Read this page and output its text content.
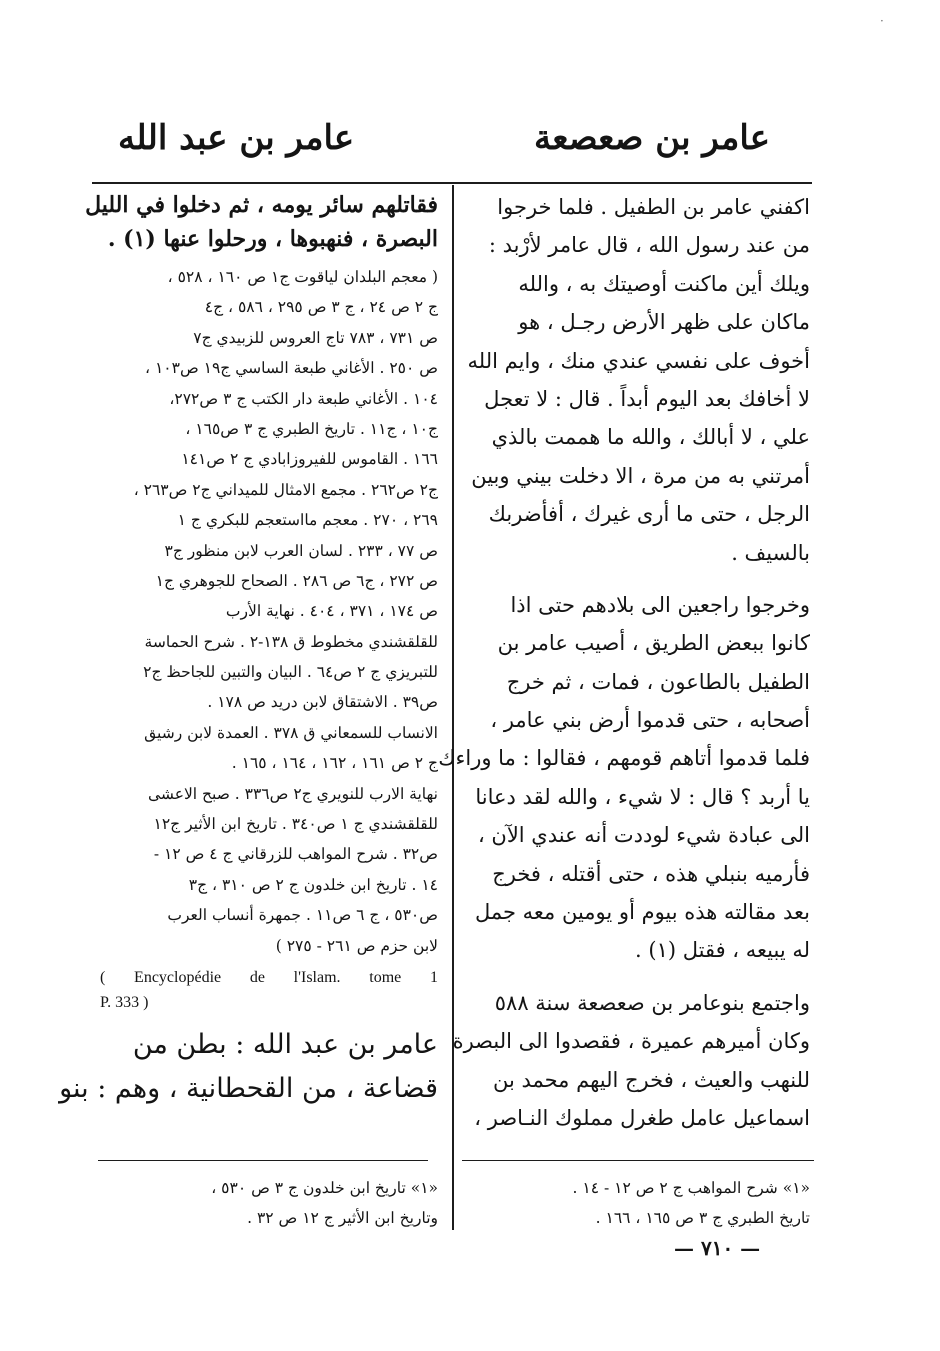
·
عامر بن صعصعة
عامر بن عبد الله
اكفني عامر بن الطفيل . فلما خرجوا
من عند رسول الله ، قال عامر لأرْبد :
ويلك أين ماكنت أوصيتك به ، والله
ماكان على ظهر الأرض رجـل ، هو
أخوف على نفسي عندي منك ، وايم الله
لا أخافك بعد اليوم أبداً . قال : لا تعجل
علي ، لا أبالك ، والله ما هممت بالذي
أمرتني به من مرة ، الا دخلت بيني وبين
الرجل ، حتى ما أرى غيرك ، أفأضربك
بالسيف .
وخرجوا راجعين الى بلادهم حتى اذا
كانوا ببعض الطريق ، أصيب عامر بن
الطفيل بالطاعون ، فمات ، ثم خرج
أصحابه ، حتى قدموا أرض بني عامر ،
فلما قدموا أتاهم قومهم ، فقالوا : ما وراءك
يا أربد ؟ قال : لا شيء ، والله لقد دعانا
الى عبادة شيء لوددت أنه عندي الآن ،
فأرميه بنبلي هذه ، حتى أقتله ، فخرج
بعد مقالته هذه بيوم أو يومين معه جمل
له يبيعه ، فقتل (١) .
واجتمع بنوعامر بن صعصعة سنة ٥٨٨
وكان أميرهم عميرة ، فقصدوا الى البصرة
للنهب والعيث ، فخرج اليهم محمد بن
اسماعيل عامل طغرل مملوك النـاصر ،
فقاتلهم سائر يومه ، ثم دخلوا في الليل
البصرة ، فنهبوها ، ورحلوا عنها (١) .
( معجم البلدان لياقوت ج١ ص ١٦٠ ، ٥٢٨ ،
ج ٢ ص ٢٤ ، ج ٣ ص ٢٩٥ ، ٥٨٦ ، ج٤
ص ٧٣١ ، ٧٨٣ تاج العروس للزبيدي ج٧
ص ٢٥٠ . الأغاني طبعة الساسي ج١٩ ص١٠٣ ،
١٠٤ . الأغاني طبعة دار الكتب ج ٣ ص٢٧٢،
ج١٠ ، ج١١ . تاريخ الطبري ج ٣ ص١٦٥ ،
١٦٦ . القاموس للفيروزابادي ج ٢ ص١٤١
ج٢ ص٢٦٢ . مجمع الامثال للميداني ج٢ ص٢٦٣ ،
٢٦٩ ، ٢٧٠ . معجم مااستعجم للبكري ج ١
ص ٧٧ ، ٢٣٣ . لسان العرب لابن منظور ج٣
ص ٢٧٢ ، ج٦ ص ٢٨٦ . الصحاح للجوهري ج١
ص ١٧٤ ، ٣٧١ ، ٤٠٤ . نهاية الأرب
للقلقشندي مخطوط ق ١٣٨-٢ . شرح الحماسة
للتبريزي ج ٢ ص٦٤ . البيان والتبين للجاحظ ج٢
ص٣٩ . الاشتقاق لابن دريد ص ١٧٨ .
الانساب للسمعاني ق ٣٧٨ . العمدة لابن رشيق
ج ٢ ص ١٦١ ، ١٦٢ ، ١٦٤ ، ١٦٥ .
نهاية الارب للنويري ج٢ ص٣٣٦ . صبح الاعشى
للقلقشندي ج ١ ص٣٤٠ . تاريخ ابن الأثير ج١٢
ص٣٢ . شرح المواهب للزرقاني ج ٤ ص ١٢ -
١٤ . تاريخ ابن خلدون ج ٢ ص ٣١٠ ، ج٣
ص٥٣٠ ، ج ٦ ص١١ . جمهرة أنساب العرب
لابن حزم ص ٢٦١ - ٢٧٥ )
( Encyclopédie de l'Islam. tome 1
P. 333 )
عامر بن عبد الله : بطن من
قضاعة ، من القحطانية ، وهم : بنو
«١» شرح المواهب ج ٢ ص ١٢ - ١٤ .
تاريخ الطبري ج ٣ ص ١٦٥ ، ١٦٦ .
«١» تاريخ ابن خلدون ج ٣ ص ٥٣٠ ،
وتاريخ ابن الأثير ج ١٢ ص ٣٢ .
— ٧١٠ —
